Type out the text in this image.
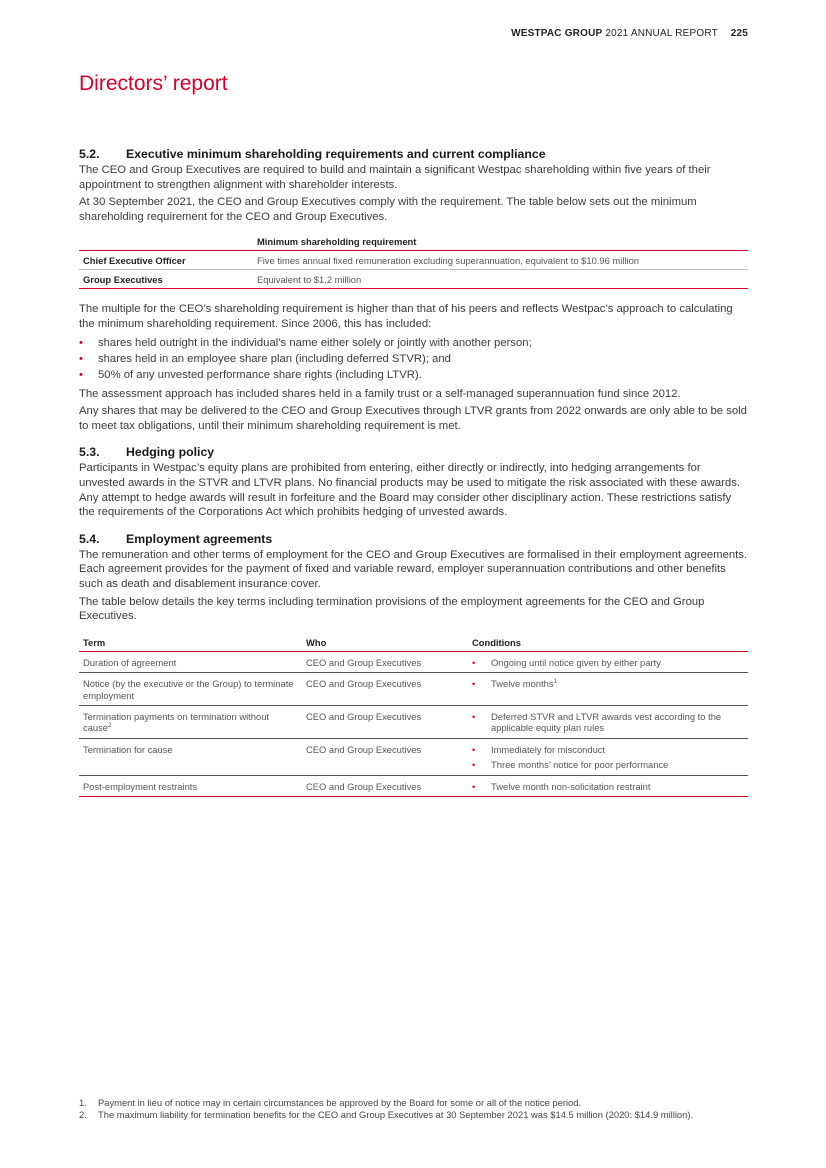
WESTPAC GROUP 2021 ANNUAL REPORT 225
Directors’ report
5.2. Executive minimum shareholding requirements and current compliance

The CEO and Group Executives are required to build and maintain a significant Westpac shareholding within five years of their appointment to strengthen alignment with shareholder interests.

At 30 September 2021, the CEO and Group Executives comply with the requirement. The table below sets out the minimum shareholding requirement for the CEO and Group Executives.

	Minimum shareholding requirement
Chief Executive Officer	Five times annual fixed remuneration excluding superannuation, equivalent to $10.96 million
Group Executives	Equivalent to $1.2 million

The multiple for the CEO’s shareholding requirement is higher than that of his peers and reflects Westpac’s approach to calculating the minimum shareholding requirement. Since 2006, this has included:

• shares held outright in the individual’s name either solely or jointly with another person;
• shares held in an employee share plan (including deferred STVR); and
• 50% of any unvested performance share rights (including LTVR).

The assessment approach has included shares held in a family trust or a self-managed superannuation fund since 2012.

Any shares that may be delivered to the CEO and Group Executives through LTVR grants from 2022 onwards are only able to be sold to meet tax obligations, until their minimum shareholding requirement is met.

5.3. Hedging policy

Participants in Westpac’s equity plans are prohibited from entering, either directly or indirectly, into hedging arrangements for unvested awards in the STVR and LTVR plans. No financial products may be used to mitigate the risk associated with these awards. Any attempt to hedge awards will result in forfeiture and the Board may consider other disciplinary action. These restrictions satisfy the requirements of the Corporations Act which prohibits hedging of unvested awards.

5.4. Employment agreements

The remuneration and other terms of employment for the CEO and Group Executives are formalised in their employment agreements. Each agreement provides for the payment of fixed and variable reward, employer superannuation contributions and other benefits such as death and disablement insurance cover.

The table below details the key terms including termination provisions of the employment agreements for the CEO and Group Executives.

Term	Who	Conditions
Duration of agreement	CEO and Group Executives	• Ongoing until notice given by either party

Notice (by the executive or the Group) to terminate employment	CEO and Group Executives	• Twelve months$^1$

Termination payments on termination without cause$^2$	CEO and Group Executives	• Deferred STVR and LTVR awards vest according to the applicable equity plan rules

Termination for cause	CEO and Group Executives	• Immediately for misconduct
• Three months’ notice for poor performance

Post-employment restraints	CEO and Group Executives	• Twelve month non-solicitation restraint
1. Payment in lieu of notice may in certain circumstances be approved by the Board for some or all of the notice period.
2. The maximum liability for termination benefits for the CEO and Group Executives at 30 September 2021 was $14.5 million (2020: $14.9 million).
